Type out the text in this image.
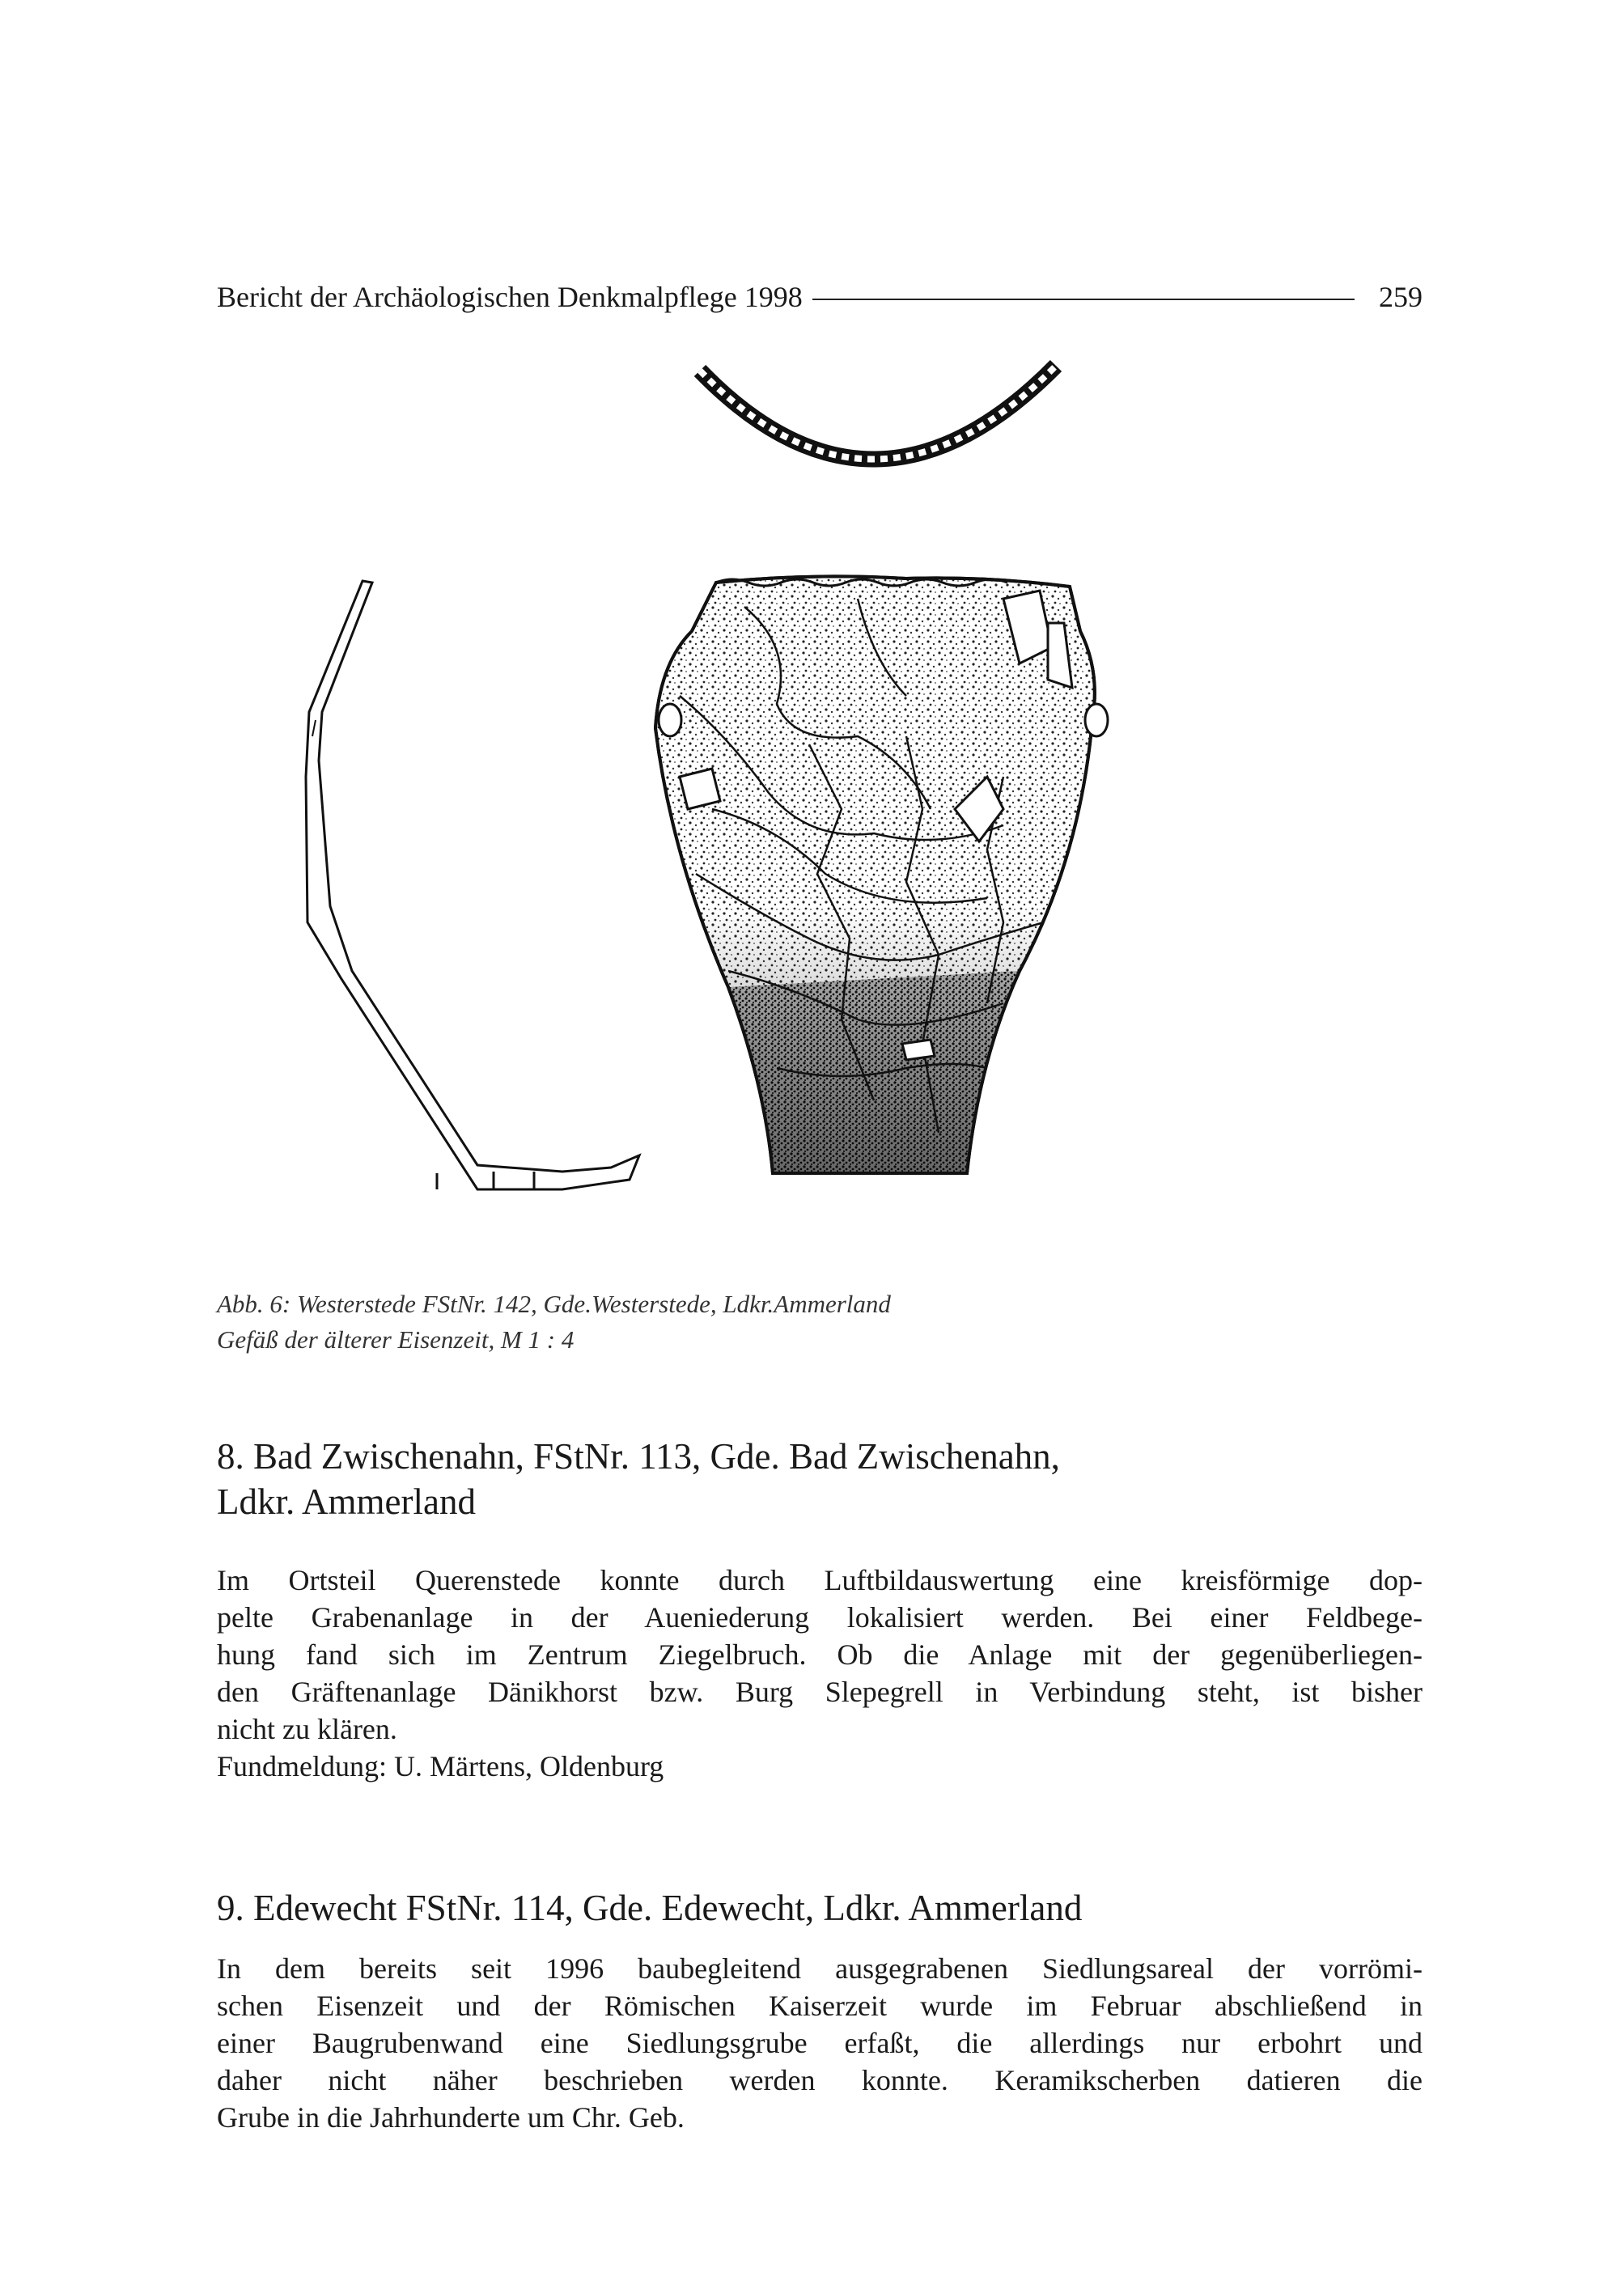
Bericht der Archäologischen Denkmalpflege 1998	259
Abb. 6: Westerstede FStNr. 142, Gde.Westerstede, Ldkr.Ammerland
Gefäß der älterer Eisenzeit, M 1 : 4
8. Bad Zwischenahn, FStNr. 113, Gde. Bad Zwischenahn,
Ldkr. Ammerland

Im Ortsteil Querenstede konnte durch Luftbildauswertung eine kreisförmige dop-
pelte Grabenanlage in der Aueniederung lokalisiert werden. Bei einer Feldbege-
hung fand sich im Zentrum Ziegelbruch. Ob die Anlage mit der gegenüberliegen-
den Gräftenanlage Dänikhorst bzw. Burg Slepegrell in Verbindung steht, ist bisher
nicht zu klären.
Fundmeldung: U. Märtens, Oldenburg

9. Edewecht FStNr. 114, Gde. Edewecht, Ldkr. Ammerland

In dem bereits seit 1996 baubegleitend ausgegrabenen Siedlungsareal der vorrömi-
schen Eisenzeit und der Römischen Kaiserzeit wurde im Februar abschließend in
einer Baugrubenwand eine Siedlungsgrube erfaßt, die allerdings nur erbohrt und
daher nicht näher beschrieben werden konnte. Keramikscherben datieren die
Grube in die Jahrhunderte um Chr. Geb.
